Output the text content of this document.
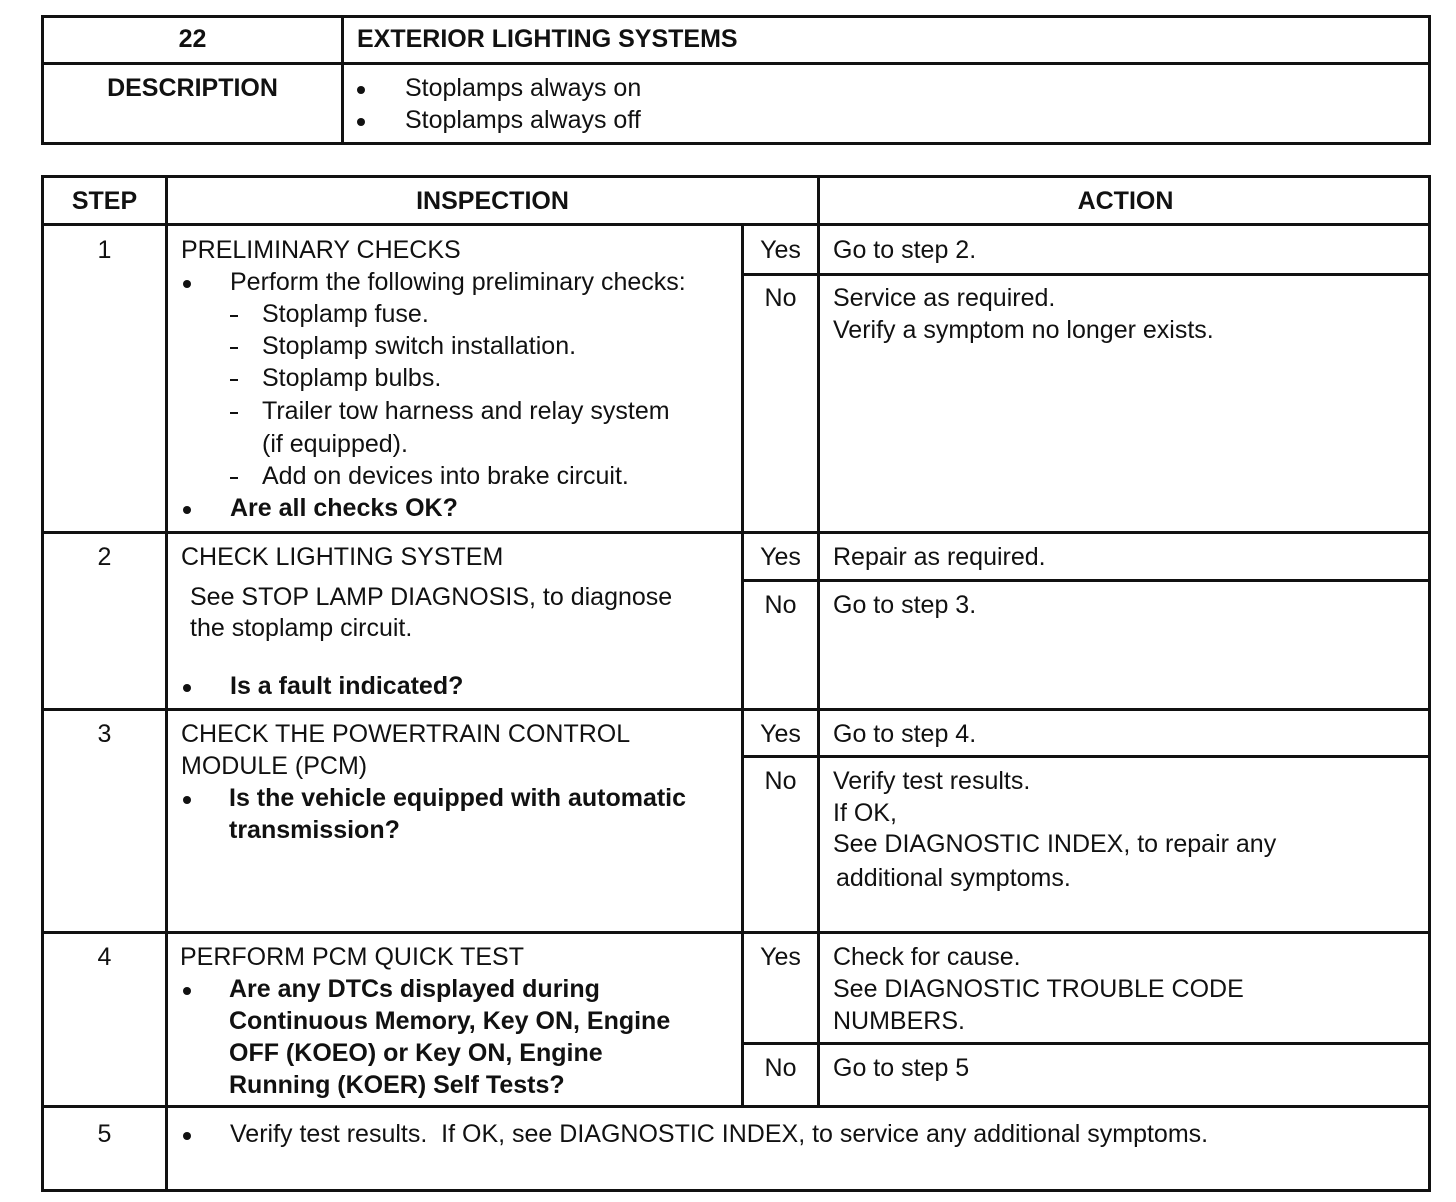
22	EXTERIOR LIGHTING SYSTEMS
DESCRIPTION	Stoplamps always on
Stoplamps always off
STEP	INSPECTION	ACTION
1	PRELIMINARY CHECKS
Perform the following preliminary checks:
Stoplamp fuse.
Stoplamp switch installation.
Stoplamp bulbs.
Trailer tow harness and relay system
(if equipped).
Add on devices into brake circuit.
Are all checks OK?
Yes	Go to step 2.
No	Service as required.
Verify a symptom no longer exists.
2	CHECK LIGHTING SYSTEM
See STOP LAMP DIAGNOSIS, to diagnose
the stoplamp circuit.
Is a fault indicated?
Yes	Repair as required.
No	Go to step 3.
3	CHECK THE POWERTRAIN CONTROL
MODULE (PCM)
Is the vehicle equipped with automatic
transmission?
Yes	Go to step 4.
No	Verify test results.
If OK,
See DIAGNOSTIC INDEX, to repair any
additional symptoms.
4	PERFORM PCM QUICK TEST
Are any DTCs displayed during
Continuous Memory, Key ON, Engine
OFF (KOEO) or Key ON, Engine
Running (KOER) Self Tests?
Yes	Check for cause.
See DIAGNOSTIC TROUBLE CODE
NUMBERS.
No	Go to step 5
5	Verify test results.  If OK, see DIAGNOSTIC INDEX, to service any additional symptoms.
